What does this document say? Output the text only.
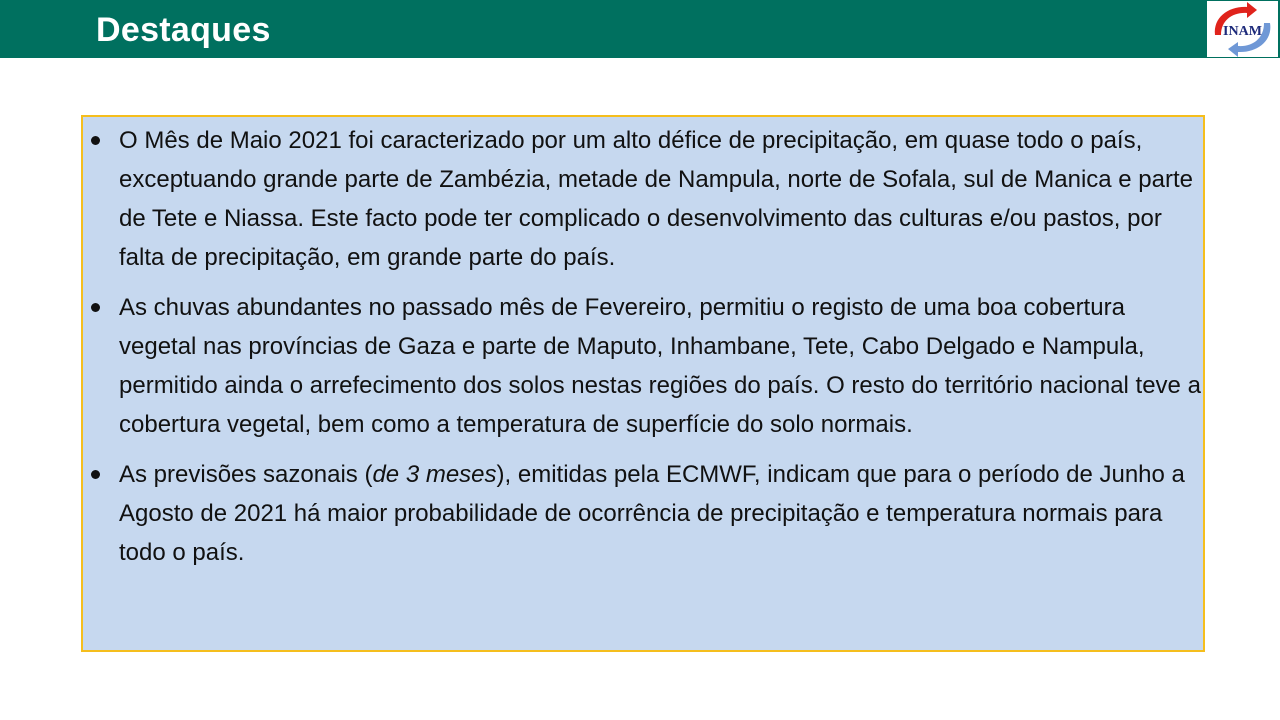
Destaques	INAM
O Mês de Maio 2021 foi caracterizado por um alto défice de precipitação, em quase todo o país, exceptuando grande parte de Zambézia, metade de Nampula, norte de Sofala, sul de Manica e parte de Tete e Niassa. Este facto pode ter complicado o desenvolvimento das culturas e/ou pastos, por falta de precipitação, em grande parte do país.
As chuvas abundantes no passado mês de Fevereiro, permitiu o registo de uma boa cobertura vegetal nas províncias de Gaza e parte de Maputo, Inhambane, Tete, Cabo Delgado e Nampula, permitido ainda o arrefecimento dos solos nestas regiões do país. O resto do território nacional teve a cobertura vegetal, bem como a temperatura de superfície do solo normais.
As previsões sazonais (de 3 meses), emitidas pela ECMWF, indicam que para o período de Junho a Agosto de 2021 há maior probabilidade de ocorrência de precipitação e temperatura normais para todo o país.
